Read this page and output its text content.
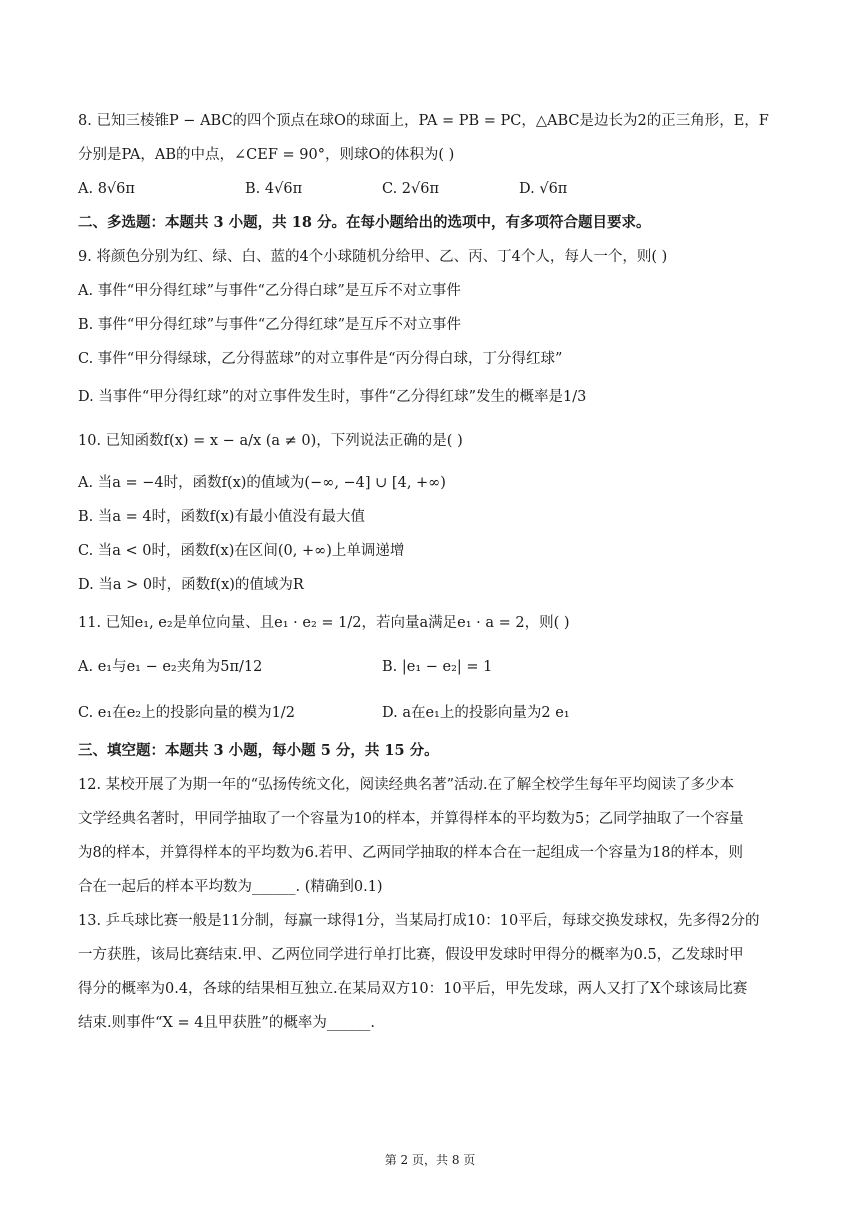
8. 已知三棱锥P − ABC的四个顶点在球O的球面上，PA = PB = PC，△ABC是边长为2的正三角形，E，F
分别是PA，AB的中点，∠CEF = 90°，则球O的体积为( )
A. 8√6π	B. 4√6π	C. 2√6π	D. √6π
二、多选题：本题共 3 小题，共 18 分。在每小题给出的选项中，有多项符合题目要求。
9. 将颜色分别为红、绿、白、蓝的4个小球随机分给甲、乙、丙、丁4个人，每人一个，则( )
A. 事件“甲分得红球”与事件“乙分得白球”是互斥不对立事件
B. 事件“甲分得红球”与事件“乙分得红球”是互斥不对立事件
C. 事件“甲分得绿球，乙分得蓝球”的对立事件是“丙分得白球，丁分得红球”
D. 当事件“甲分得红球”的对立事件发生时，事件“乙分得红球”发生的概率是1/3
10. 已知函数f(x) = x − a/x (a ≠ 0)，下列说法正确的是( )
A. 当a = −4时，函数f(x)的值域为(−∞, −4] ∪ [4, +∞)
B. 当a = 4时，函数f(x)有最小值没有最大值
C. 当a < 0时，函数f(x)在区间(0, +∞)上单调递增
D. 当a > 0时，函数f(x)的值域为R
11. 已知e₁, e₂是单位向量、且e₁ · e₂ = 1/2，若向量a满足e₁ · a = 2，则( )
A. e₁与e₁ − e₂夹角为5π/12	B. |e₁ − e₂| = 1
C. e₁在e₂上的投影向量的模为1/2	D. a在e₁上的投影向量为2 e₁
三、填空题：本题共 3 小题，每小题 5 分，共 15 分。
12. 某校开展了为期一年的“弘扬传统文化，阅读经典名著”活动.在了解全校学生每年平均阅读了多少本
文学经典名著时，甲同学抽取了一个容量为10的样本，并算得样本的平均数为5；乙同学抽取了一个容量
为8的样本，并算得样本的平均数为6.若甲、乙两同学抽取的样本合在一起组成一个容量为18的样本，则
合在一起后的样本平均数为______. (精确到0.1)
13. 乒乓球比赛一般是11分制，每赢一球得1分，当某局打成10：10平后，每球交换发球权，先多得2分的
一方获胜，该局比赛结束.甲、乙两位同学进行单打比赛，假设甲发球时甲得分的概率为0.5，乙发球时甲
得分的概率为0.4，各球的结果相互独立.在某局双方10：10平后，甲先发球，两人又打了X个球该局比赛
结束.则事件“X = 4且甲获胜”的概率为______.
第 2 页，共 8 页
